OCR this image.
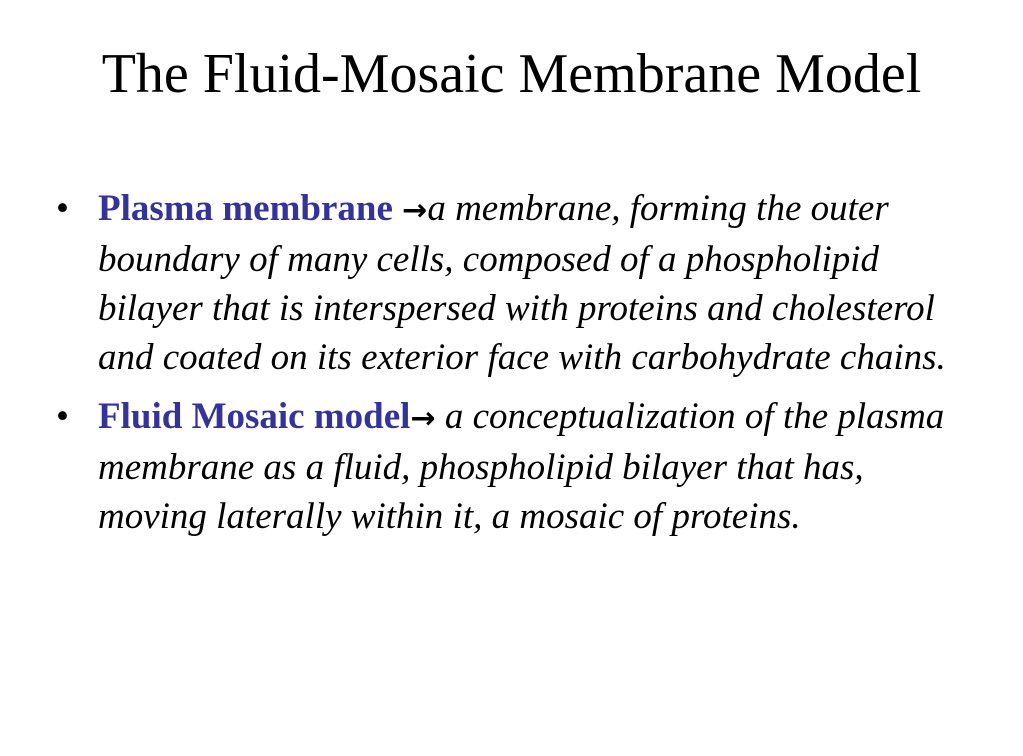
The Fluid-Mosaic Membrane Model
• Plasma membrane →a membrane, forming the outer boundary of many cells, composed of a phospholipid bilayer that is interspersed with proteins and cholesterol and coated on its exterior face with carbohydrate chains.
• Fluid Mosaic model→ a conceptualization of the plasma membrane as a fluid, phospholipid bilayer that has, moving laterally within it, a mosaic of proteins.
